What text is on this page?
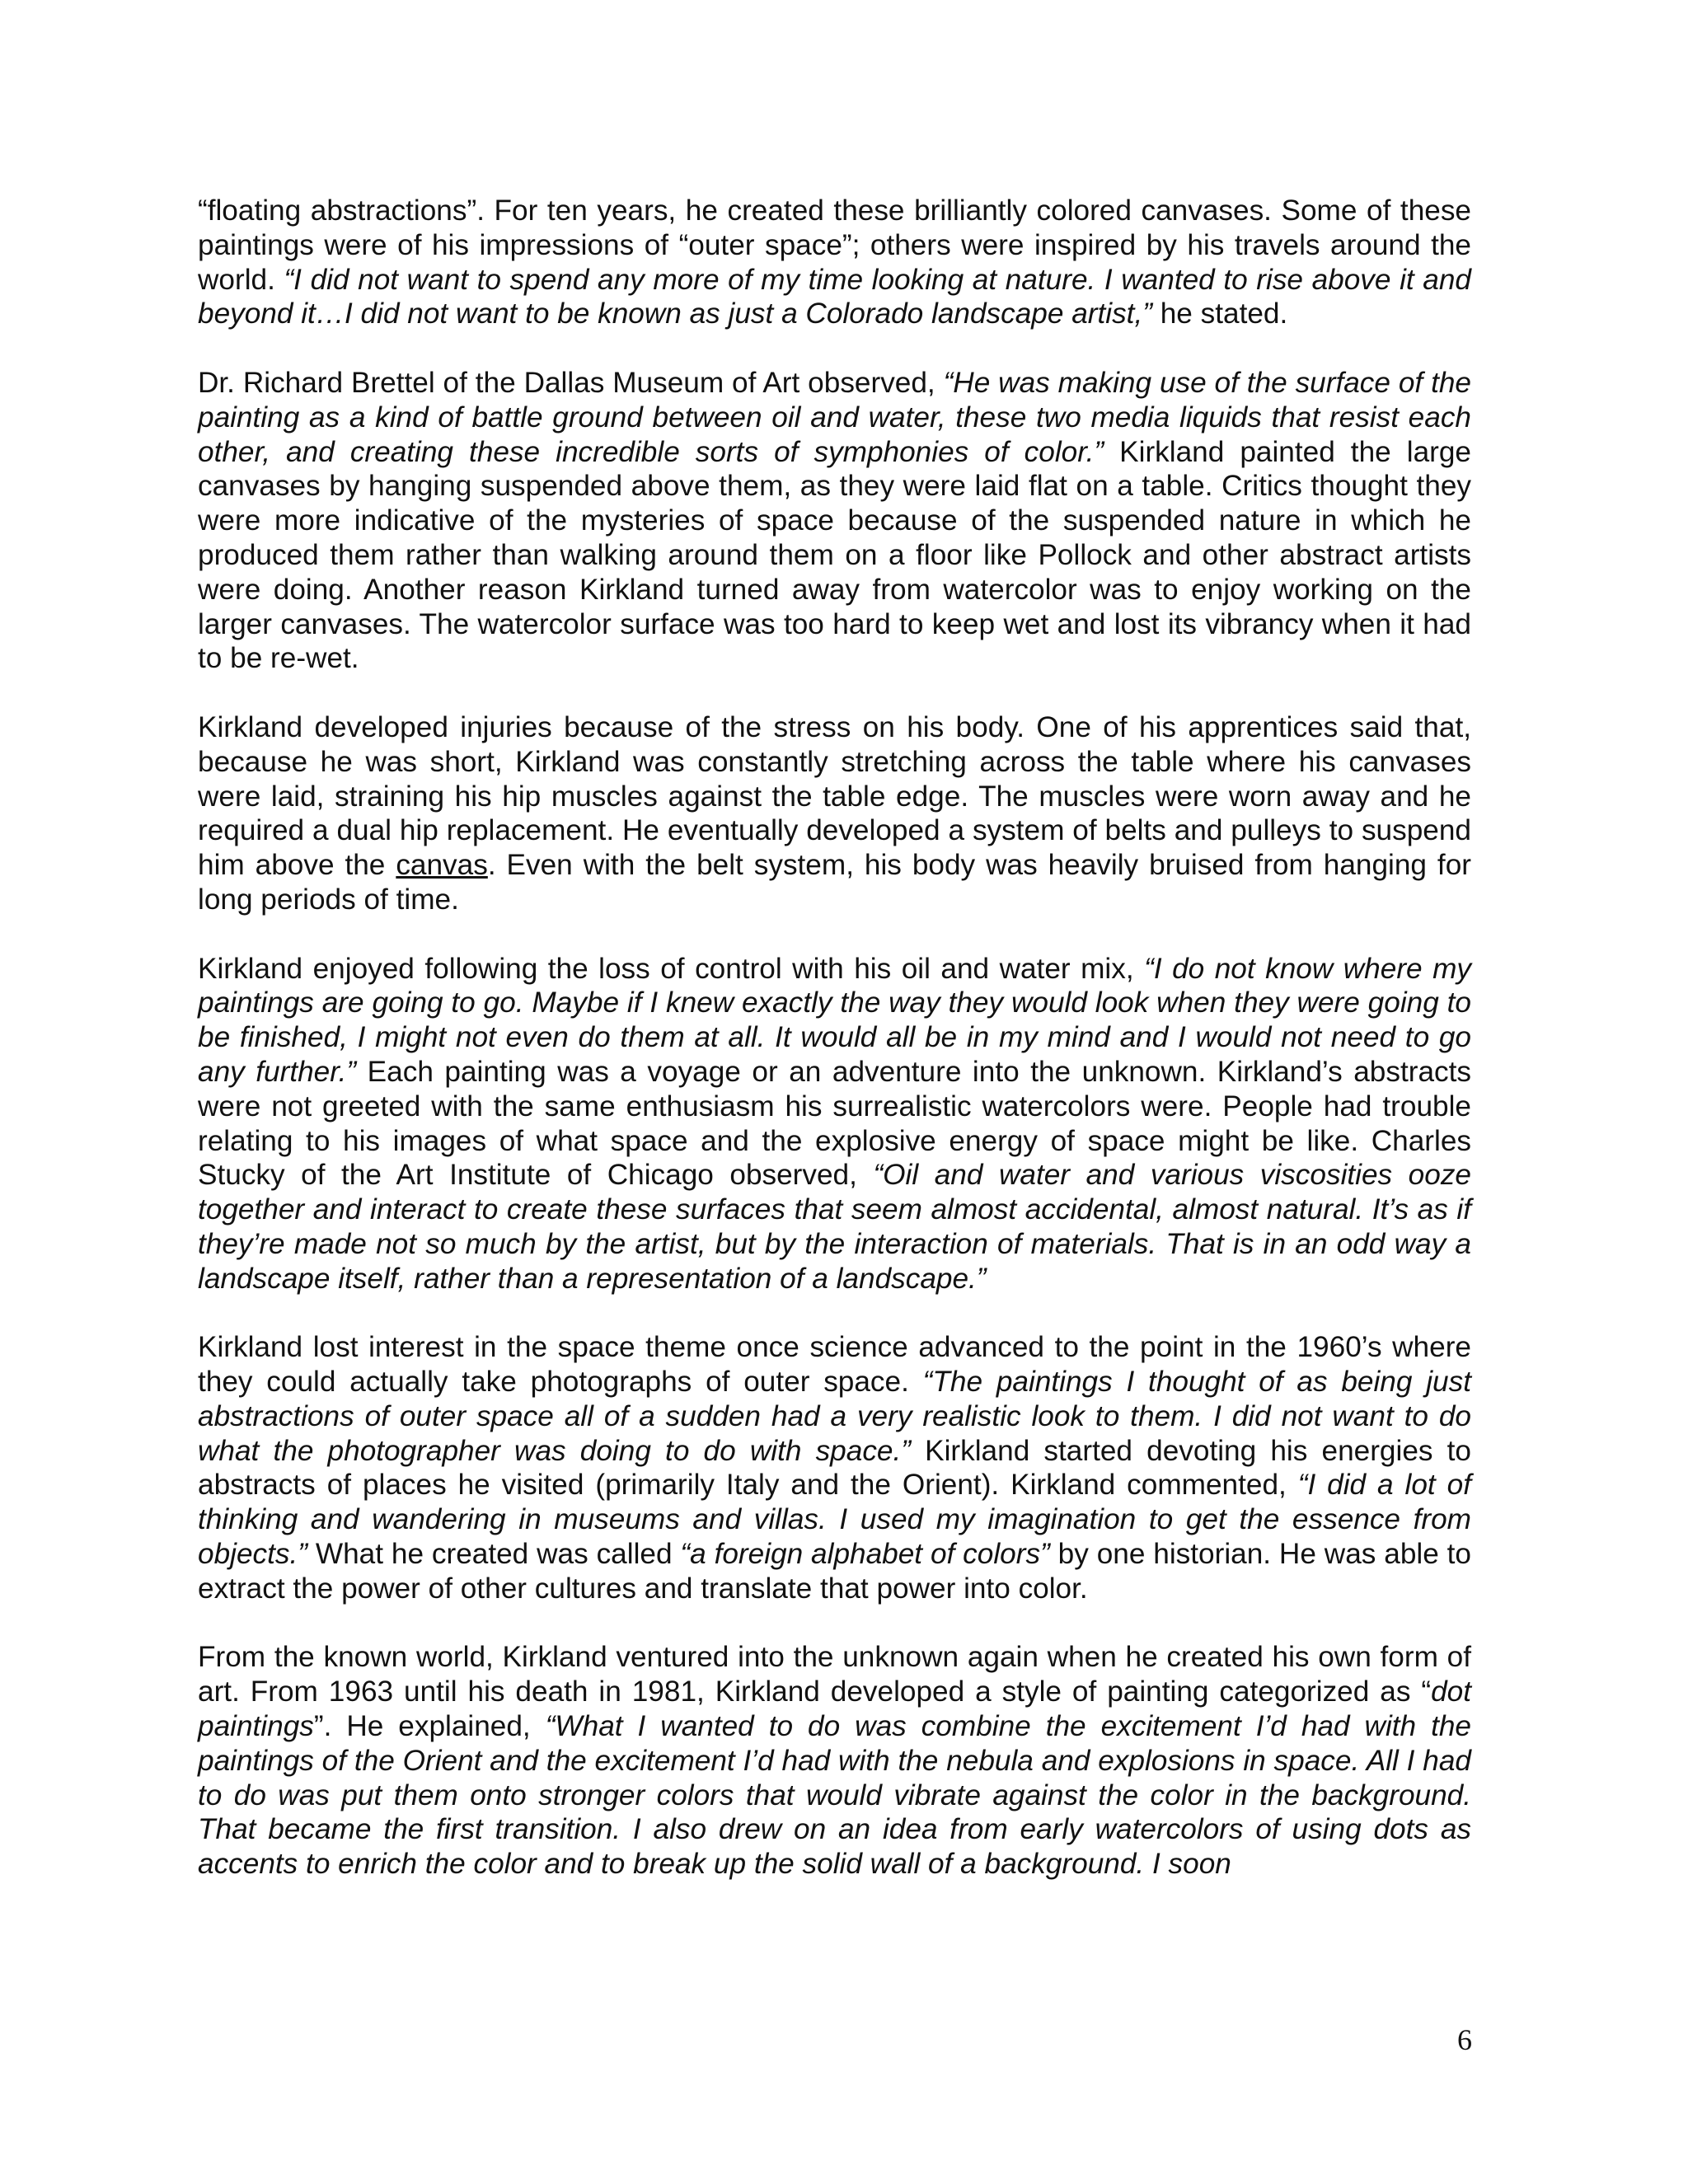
“floating abstractions”. For ten years, he created these brilliantly colored canvases. Some of these paintings were of his impressions of “outer space”; others were inspired by his travels around the world. “I did not want to spend any more of my time looking at nature. I wanted to rise above it and beyond it…I did not want to be known as just a Colorado landscape artist,” he stated.

Dr. Richard Brettel of the Dallas Museum of Art observed, “He was making use of the surface of the painting as a kind of battle ground between oil and water, these two media liquids that resist each other, and creating these incredible sorts of symphonies of color.” Kirkland painted the large canvases by hanging suspended above them, as they were laid flat on a table. Critics thought they were more indicative of the mysteries of space because of the suspended nature in which he produced them rather than walking around them on a floor like Pollock and other abstract artists were doing. Another reason Kirkland turned away from watercolor was to enjoy working on the larger canvases. The watercolor surface was too hard to keep wet and lost its vibrancy when it had to be re-wet.

Kirkland developed injuries because of the stress on his body. One of his apprentices said that, because he was short, Kirkland was constantly stretching across the table where his canvases were laid, straining his hip muscles against the table edge. The muscles were worn away and he required a dual hip replacement. He eventually developed a system of belts and pulleys to suspend him above the canvas. Even with the belt system, his body was heavily bruised from hanging for long periods of time.

Kirkland enjoyed following the loss of control with his oil and water mix, “I do not know where my paintings are going to go. Maybe if I knew exactly the way they would look when they were going to be finished, I might not even do them at all. It would all be in my mind and I would not need to go any further.” Each painting was a voyage or an adventure into the unknown. Kirkland’s abstracts were not greeted with the same enthusiasm his surrealistic watercolors were. People had trouble relating to his images of what space and the explosive energy of space might be like. Charles Stucky of the Art Institute of Chicago observed, “Oil and water and various viscosities ooze together and interact to create these surfaces that seem almost accidental, almost natural. It’s as if they’re made not so much by the artist, but by the interaction of materials. That is in an odd way a landscape itself, rather than a representation of a landscape.”

Kirkland lost interest in the space theme once science advanced to the point in the 1960’s where they could actually take photographs of outer space. “The paintings I thought of as being just abstractions of outer space all of a sudden had a very realistic look to them. I did not want to do what the photographer was doing to do with space.” Kirkland started devoting his energies to abstracts of places he visited (primarily Italy and the Orient). Kirkland commented, “I did a lot of thinking and wandering in museums and villas. I used my imagination to get the essence from objects.” What he created was called “a foreign alphabet of colors” by one historian. He was able to extract the power of other cultures and translate that power into color.

From the known world, Kirkland ventured into the unknown again when he created his own form of art. From 1963 until his death in 1981, Kirkland developed a style of painting categorized as “dot paintings”. He explained, “What I wanted to do was combine the excitement I’d had with the paintings of the Orient and the excitement I’d had with the nebula and explosions in space. All I had to do was put them onto stronger colors that would vibrate against the color in the background. That became the first transition. I also drew on an idea from early watercolors of using dots as accents to enrich the color and to break up the solid wall of a background. I soon

6
